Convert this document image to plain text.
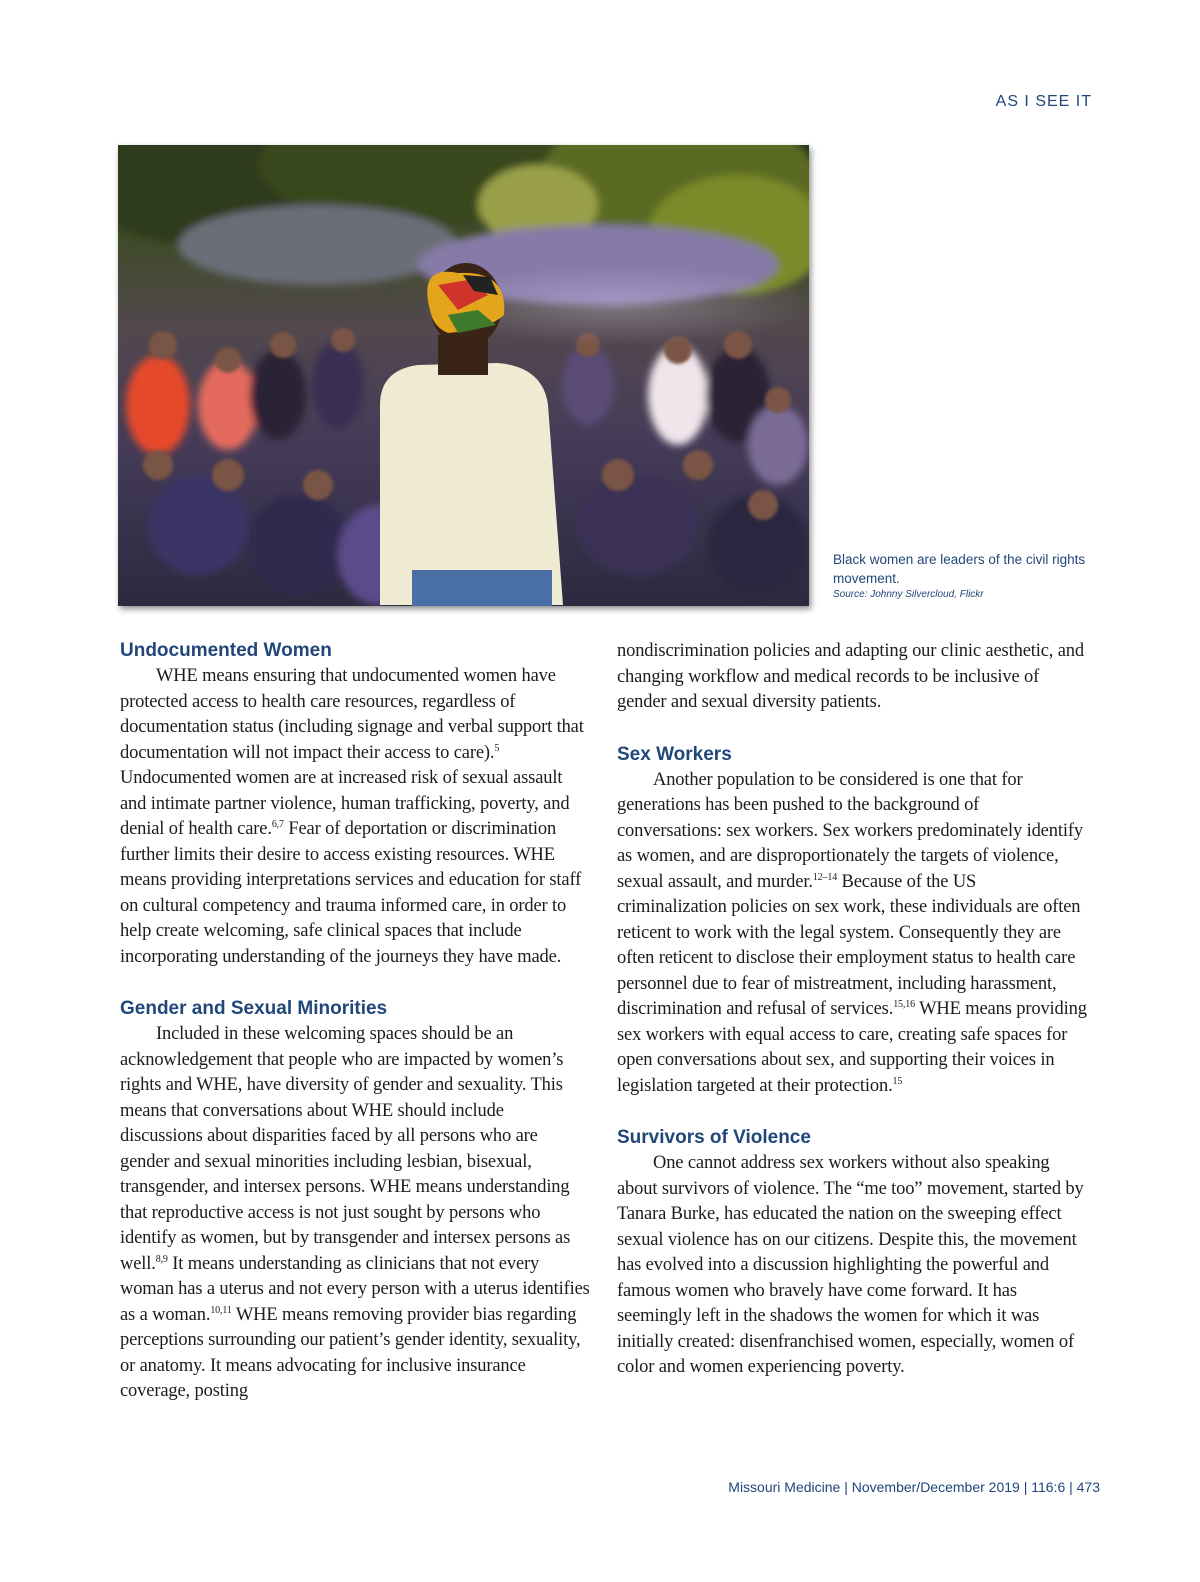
AS I SEE IT
Black women are leaders of the civil rights movement.
Source: Johnny Silvercloud, Flickr
Undocumented Women

WHE means ensuring that undocumented women have protected access to health care resources, regardless of documentation status (including signage and verbal support that documentation will not impact their access to care).$^5$ Undocumented women are at increased risk of sexual assault and intimate partner violence, human trafficking, poverty, and denial of health care.$^{6,7}$ Fear of deportation or discrimination further limits their desire to access existing resources. WHE means providing interpretations services and education for staff on cultural competency and trauma informed care, in order to help create welcoming, safe clinical spaces that include incorporating understanding of the journeys they have made.

Gender and Sexual Minorities

Included in these welcoming spaces should be an acknowledgement that people who are impacted by women’s rights and WHE, have diversity of gender and sexuality. This means that conversations about WHE should include discussions about disparities faced by all persons who are gender and sexual minorities including lesbian, bisexual, transgender, and intersex persons. WHE means understanding that reproductive access is not just sought by persons who identify as women, but by transgender and intersex persons as well.$^{8,9}$ It means understanding as clinicians that not every woman has a uterus and not every person with a uterus identifies as a woman.$^{10,11}$ WHE means removing provider bias regarding perceptions surrounding our patient’s gender identity, sexuality, or anatomy. It means advocating for inclusive insurance coverage, posting

nondiscrimination policies and adapting our clinic aesthetic, and changing workflow and medical records to be inclusive of gender and sexual diversity patients.

Sex Workers

Another population to be considered is one that for generations has been pushed to the background of conversations: sex workers. Sex workers predominately identify as women, and are disproportionately the targets of violence, sexual assault, and murder.$^{12-14}$ Because of the US criminalization policies on sex work, these individuals are often reticent to work with the legal system. Consequently they are often reticent to disclose their employment status to health care personnel due to fear of mistreatment, including harassment, discrimination and refusal of services.$^{15,16}$ WHE means providing sex workers with equal access to care, creating safe spaces for open conversations about sex, and supporting their voices in legislation targeted at their protection.$^{15}$

Survivors of Violence

One cannot address sex workers without also speaking about survivors of violence. The “me too” movement, started by Tanara Burke, has educated the nation on the sweeping effect sexual violence has on our citizens. Despite this, the movement has evolved into a discussion highlighting the powerful and famous women who bravely have come forward. It has seemingly left in the shadows the women for which it was initially created: disenfranchised women, especially, women of color and women experiencing poverty.

Missouri Medicine | November/December 2019 | 116:6 | 473
